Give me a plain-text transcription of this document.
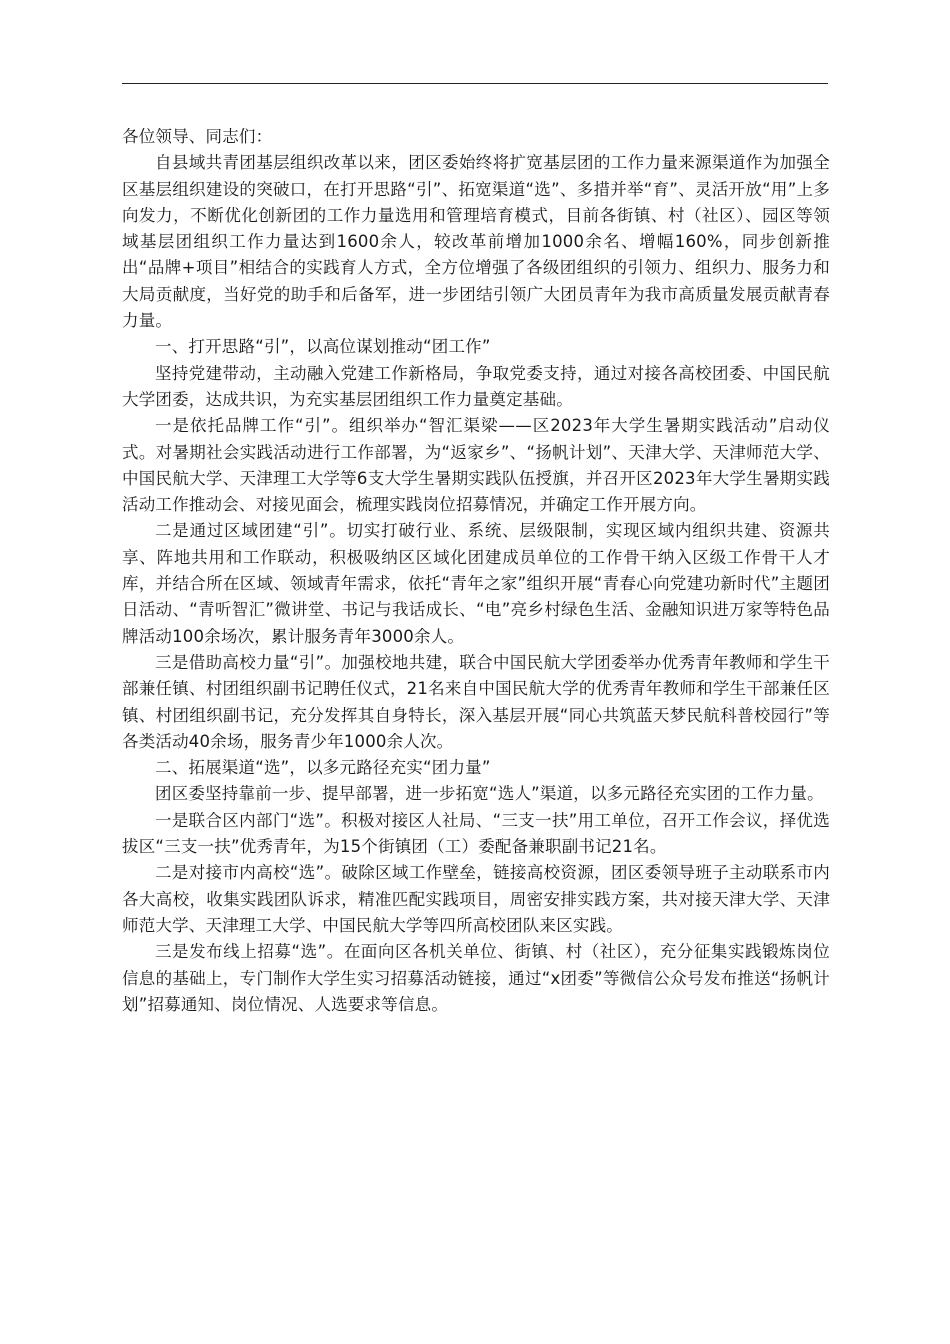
各位领导、同志们：

自县域共青团基层组织改革以来，团区委始终将扩宽基层团的工作力量来源渠道作为加强全区基层组织建设的突破口，在打开思路“引”、拓宽渠道“选”、多措并举“育”、灵活开放“用”上多向发力，不断优化创新团的工作力量选用和管理培育模式，目前各街镇、村（社区）、园区等领域基层团组织工作力量达到1600余人，较改革前增加1000余名、增幅160%，同步创新推出“品牌+项目”相结合的实践育人方式，全方位增强了各级团组织的引领力、组织力、服务力和大局贡献度，当好党的助手和后备军，进一步团结引领广大团员青年为我市高质量发展贡献青春力量。

一、打开思路“引”，以高位谋划推动“团工作”

坚持党建带动，主动融入党建工作新格局，争取党委支持，通过对接各高校团委、中国民航大学团委，达成共识，为充实基层团组织工作力量奠定基础。

一是依托品牌工作“引”。组织举办“智汇渠梁——区2023年大学生暑期实践活动”启动仪式。对暑期社会实践活动进行工作部署，为“返家乡”、“扬帆计划”、天津大学、天津师范大学、中国民航大学、天津理工大学等6支大学生暑期实践队伍授旗，并召开区2023年大学生暑期实践活动工作推动会、对接见面会，梳理实践岗位招募情况，并确定工作开展方向。

二是通过区域团建“引”。切实打破行业、系统、层级限制，实现区域内组织共建、资源共享、阵地共用和工作联动，积极吸纳区区域化团建成员单位的工作骨干纳入区级工作骨干人才库，并结合所在区域、领域青年需求，依托“青年之家”组织开展“青春心向党建功新时代”主题团日活动、“青听智汇”微讲堂、书记与我话成长、“电”亮乡村绿色生活、金融知识进万家等特色品牌活动100余场次，累计服务青年3000余人。

三是借助高校力量“引”。加强校地共建，联合中国民航大学团委举办优秀青年教师和学生干部兼任镇、村团组织副书记聘任仪式，21名来自中国民航大学的优秀青年教师和学生干部兼任区镇、村团组织副书记，充分发挥其自身特长，深入基层开展“同心共筑蓝天梦民航科普校园行”等各类活动40余场，服务青少年1000余人次。

二、拓展渠道“选”，以多元路径充实“团力量”

团区委坚持靠前一步、提早部署，进一步拓宽“选人”渠道，以多元路径充实团的工作力量。

一是联合区内部门“选”。积极对接区人社局、“三支一扶”用工单位，召开工作会议，择优选拔区“三支一扶”优秀青年，为15个街镇团（工）委配备兼职副书记21名。

二是对接市内高校“选”。破除区域工作壁垒，链接高校资源，团区委领导班子主动联系市内各大高校，收集实践团队诉求，精准匹配实践项目，周密安排实践方案，共对接天津大学、天津师范大学、天津理工大学、中国民航大学等四所高校团队来区实践。

三是发布线上招募“选”。在面向区各机关单位、街镇、村（社区），充分征集实践锻炼岗位信息的基础上，专门制作大学生实习招募活动链接，通过“x团委”等微信公众号发布推送“扬帆计划”招募通知、岗位情况、人选要求等信息。
